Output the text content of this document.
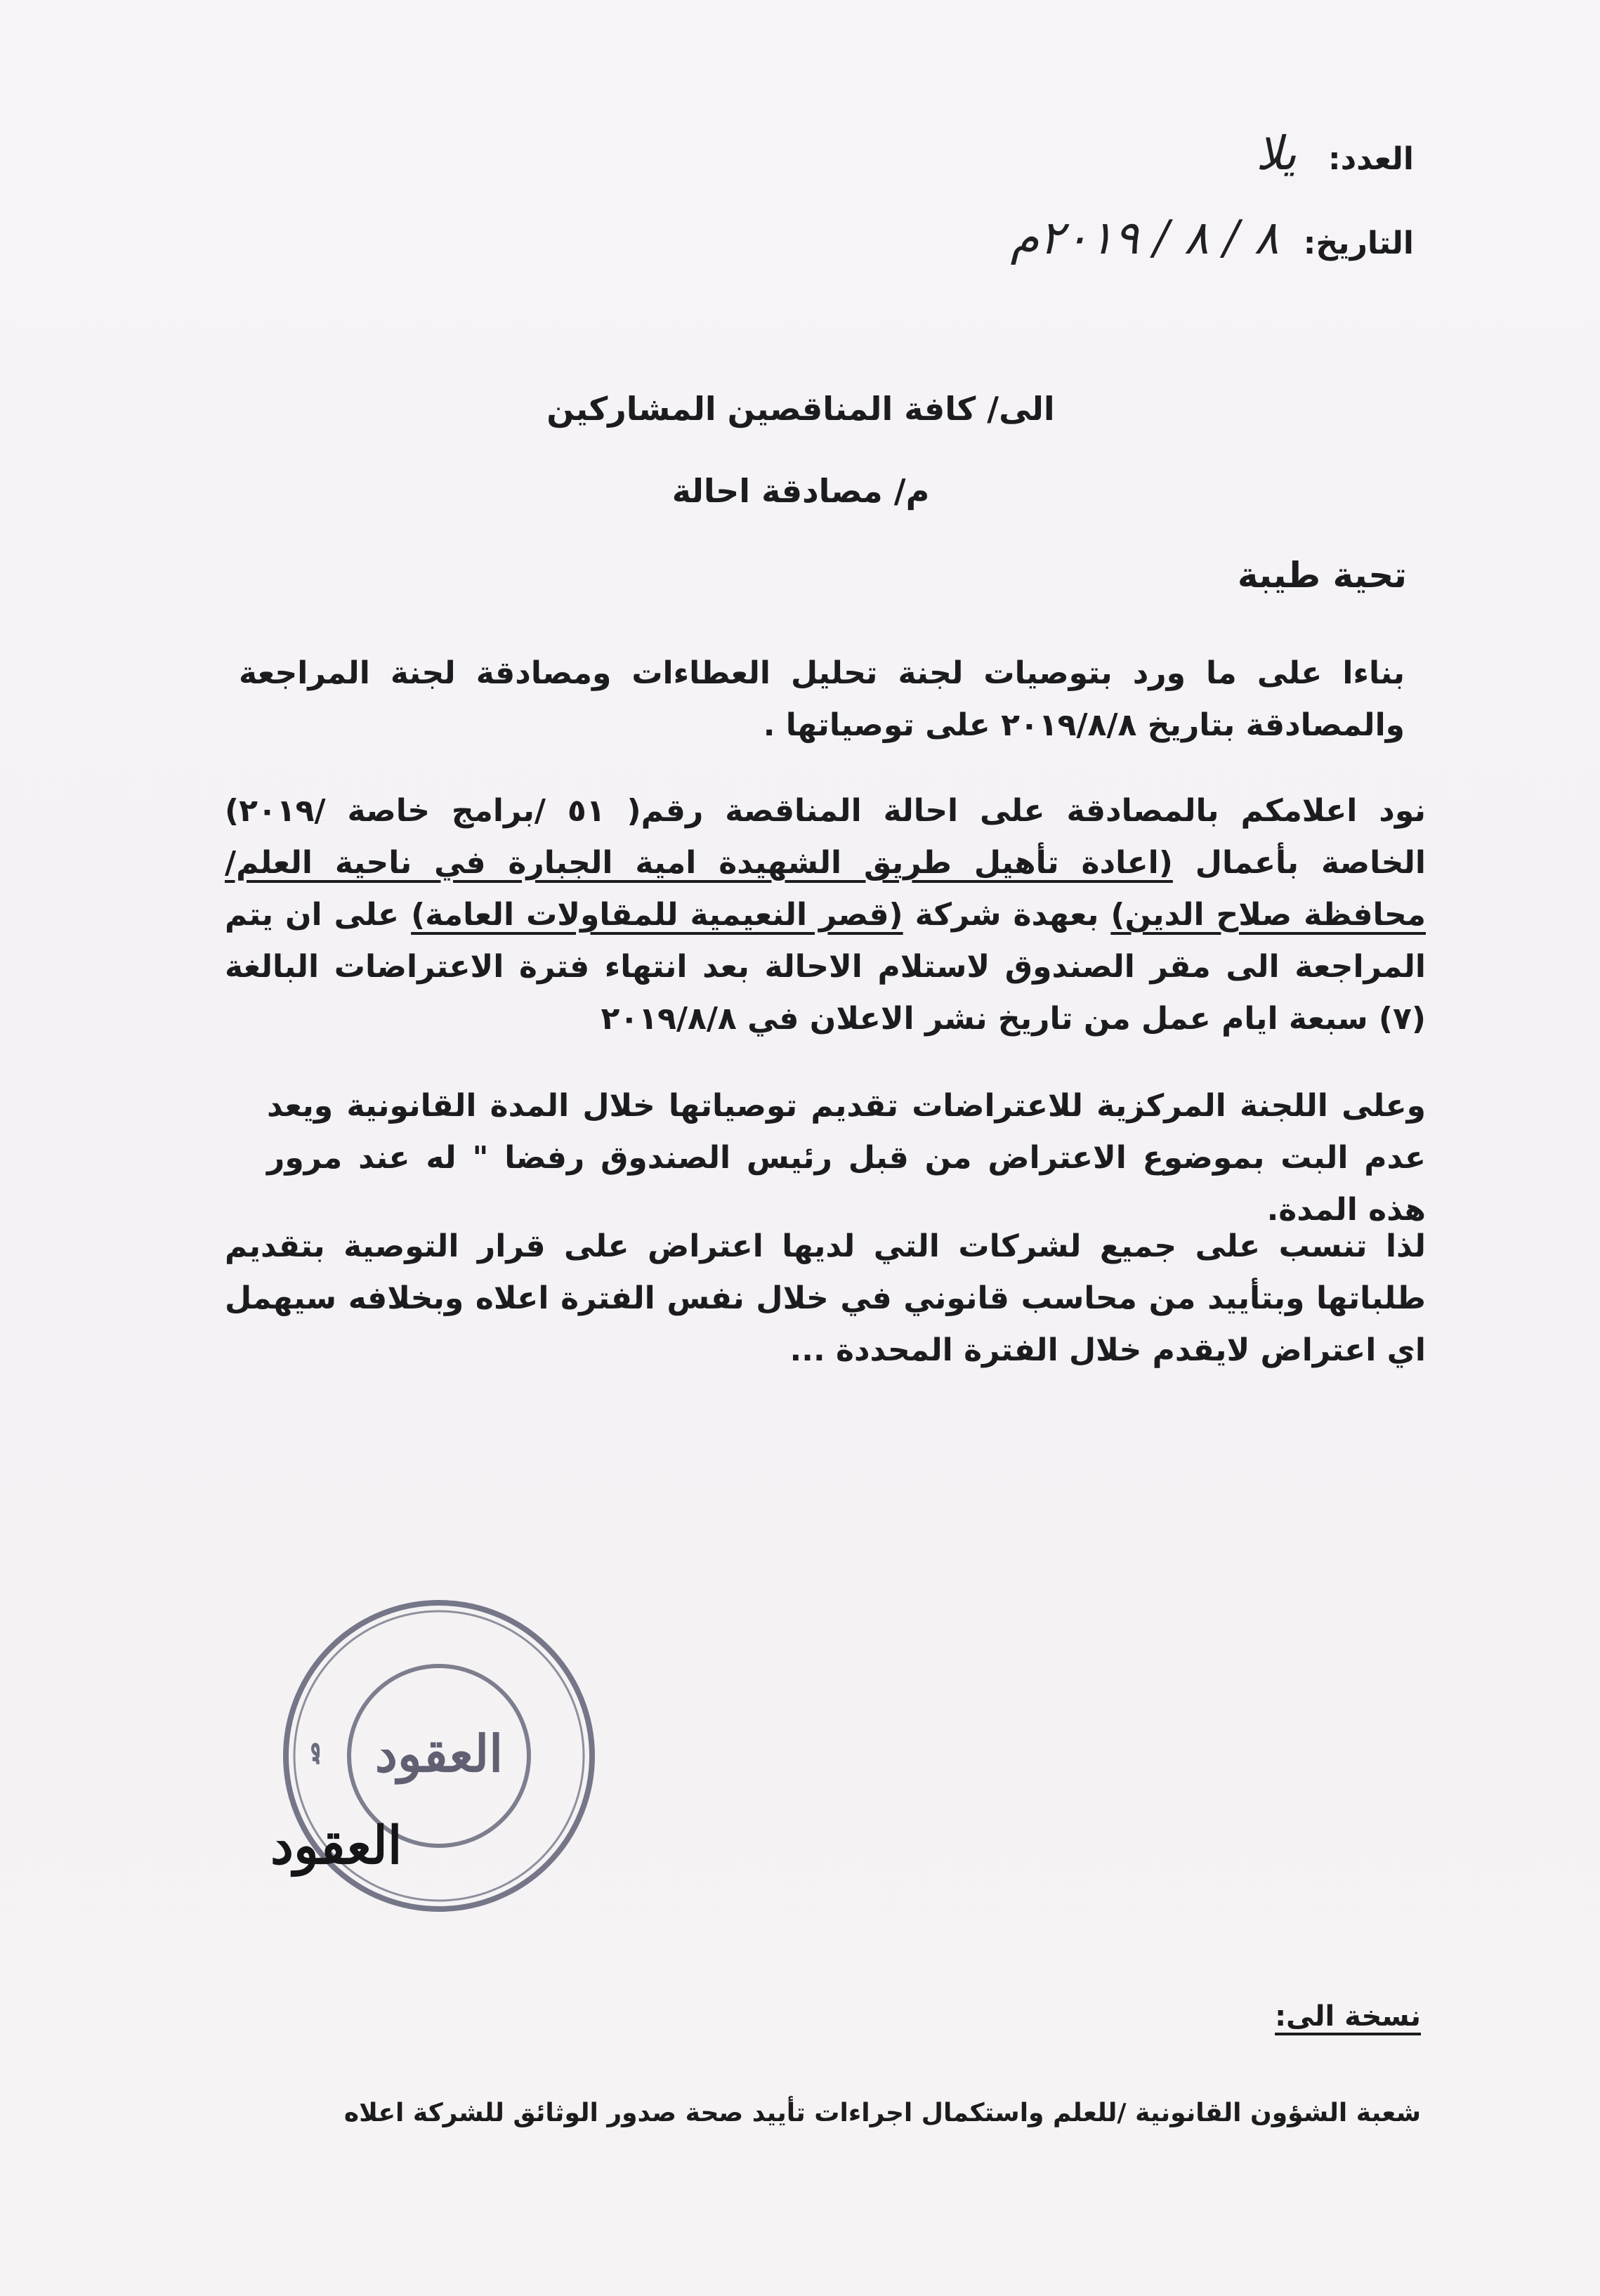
العدد: يلا
التاريخ: ٨ / ٨ / ٢٠١٩م
الى/ كافة المناقصين المشاركين
م/ مصادقة احالة
تحية طيبة
بناءا على ما ورد بتوصيات لجنة تحليل العطاءات ومصادقة لجنة المراجعة والمصادقة بتاريخ ٢٠١٩/٨/٨ على توصياتها .
نود اعلامكم بالمصادقة على احالة المناقصة رقم( ٥١ /برامج خاصة /٢٠١٩) الخاصة بأعمال (اعادة تأهيل طريق الشهيدة امية الجبارة في ناحية العلم/ محافظة صلاح الدين) بعهدة شركة (قصر النعيمية للمقاولات العامة) على ان يتم المراجعة الى مقر الصندوق لاستلام الاحالة بعد انتهاء فترة الاعتراضات البالغة (٧) سبعة ايام عمل من تاريخ نشر الاعلان في ٢٠١٩/٨/٨
وعلى اللجنة المركزية للاعتراضات تقديم توصياتها خلال المدة القانونية ويعد عدم البت بموضوع الاعتراض من قبل رئيس الصندوق رفضا " له عند مرور هذه المدة.
لذا تنسب على جميع لشركات التي لديها اعتراض على قرار التوصية بتقديم طلباتها وبتأييد من محاسب قانوني في خلال نفس الفترة اعلاه وبخلافه سيهمل اي اعتراض لايقدم خلال الفترة المحددة ...
ص العقود
العقود
نسخة الى:
شعبة الشؤون القانونية /للعلم واستكمال اجراءات تأييد صحة صدور الوثائق للشركة اعلاه
